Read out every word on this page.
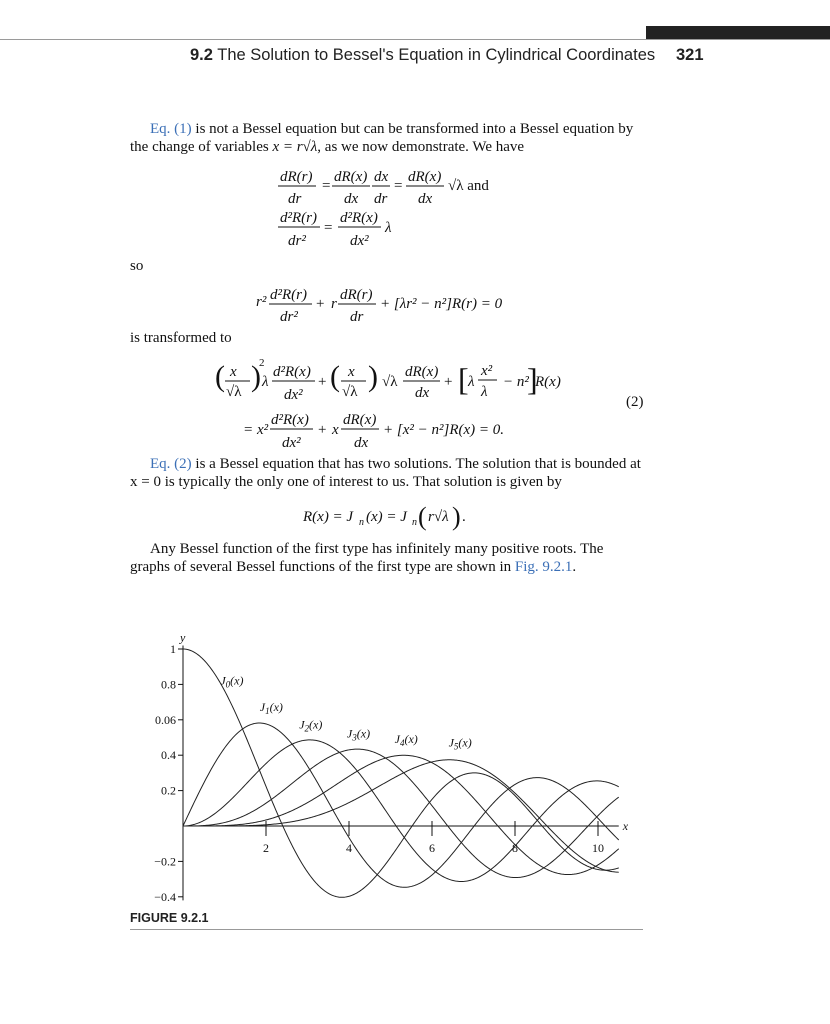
9.2 The Solution to Bessel's Equation in Cylindrical Coordinates 321
Eq. (1) is not a Bessel equation but can be transformed into a Bessel equation by
the change of variables x = r√λ, as we now demonstrate. We have
dR(r)
dr
=
dR(x)
dx
dx
dr
=
dR(x)
dx
√λ and
d²R(r)
dr²
=
d²R(x)
dx²
λ
r² d²R(r)
dr²
+ r
dR(r)
dr
+ [λr² − n²]R(r) = 0
( x
√λ )
2
λ
d²R(x)
dx²
+ ( x
√λ ) √λ
dR(x)
dx
+ [ λ
x²
λ
− n²
]
R(x)
= x²
d²R(x)
dx²
+ x
dR(x)
dx
+ [x² − n²]R(x) = 0.
R(x) = J n (x) = J n ( r√λ ) .
so
is transformed to
(2)
Eq. (2) is a Bessel equation that has two solutions. The solution that is bounded at
x = 0 is typically the only one of interest to us. That solution is given by
Any Bessel function of the first type has infinitely many positive roots. The
graphs of several Bessel functions of the first type are shown in Fig. 9.2.1.
y
x
1
0.8
0.06
0.4
0.2
−0.2
−0.4
2	4	6	8	10
$J_0(x)$
$J_1(x)$
$J_2(x)$
$J_3(x)$ $J_4(x)$	$J_5(x)$
FIGURE 9.2.1
